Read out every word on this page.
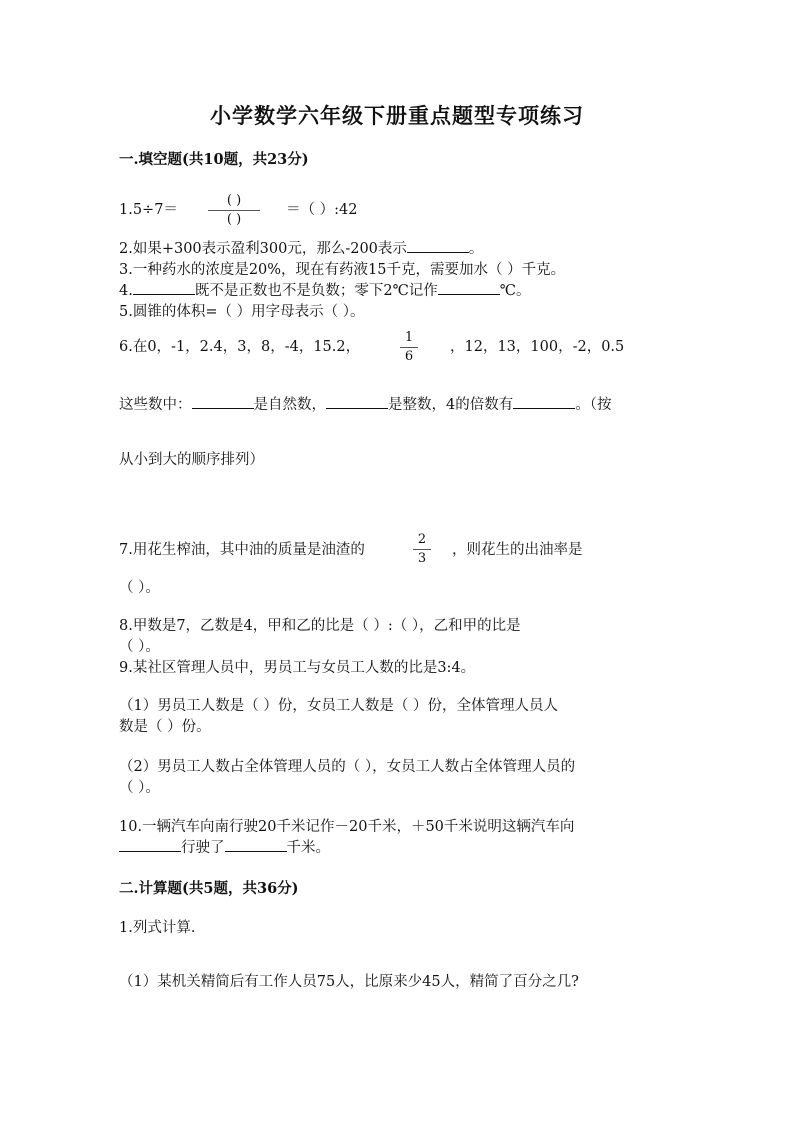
小学数学六年级下册重点题型专项练习
一.填空题(共10题，共23分)
1.5÷7＝
( )
( )
＝（ ）:42
2.如果+300表示盈利300元，那么-200表示	。
3.一种药水的浓度是20%，现在有药液15千克，需要加水（ ）千克。
4.	既不是正数也不是负数；零下2℃记作	℃。
5.圆锥的体积=（ ）用字母表示（ ）。
6.在0，-1，2.4，3，8，-4，15.2，
1
6
，12，13，100，-2，0.5
这些数中：	是自然数，	是整数，4的倍数有	。（按
从小到大的顺序排列）
7.用花生榨油，其中油的质量是油渣的
2
3
，则花生的出油率是
（ ）。
8.甲数是7，乙数是4，甲和乙的比是（ ）:（ ），乙和甲的比是
（ ）。
9.某社区管理人员中，男员工与女员工人数的比是3:4。
（1）男员工人数是（ ）份，女员工人数是（ ）份，全体管理人员人
数是（ ）份。
（2）男员工人数占全体管理人员的（ ），女员工人数占全体管理人员的
（ ）。
10.一辆汽车向南行驶20千米记作－20千米，＋50千米说明这辆汽车向
行驶了	千米。
二.计算题(共5题，共36分)
1.列式计算.
（1）某机关精简后有工作人员75人，比原来少45人，精简了百分之几?
